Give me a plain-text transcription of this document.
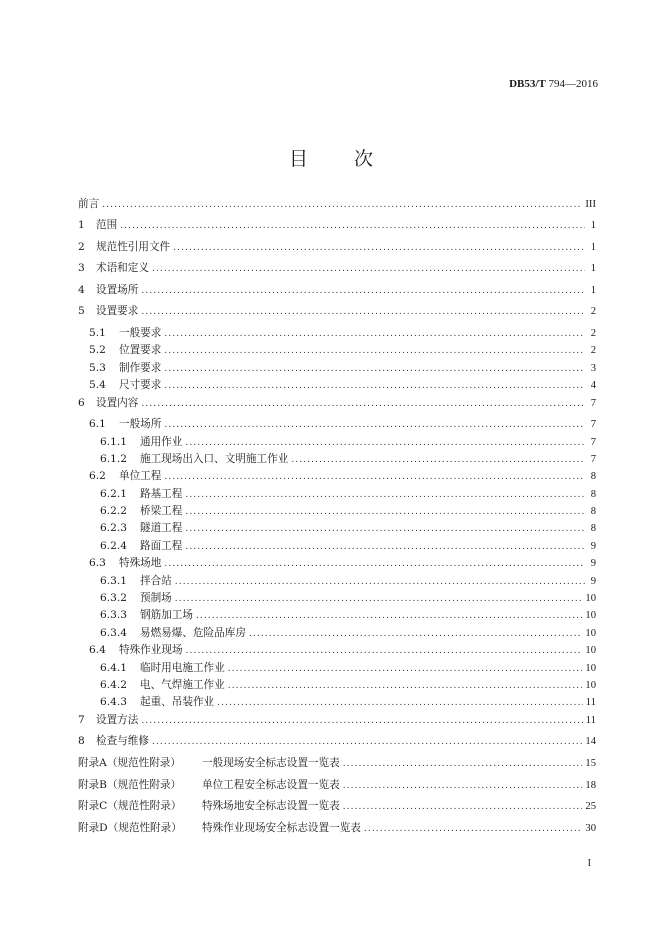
DB53/T 794—2016
目 次
前言 .....	III
1	范围 .....	1
2	规范性引用文件 .....	1
3	术语和定义 .....	1
4	设置场所 .....	1
5	设置要求 .....	2
5.1	一般要求 .....	2
5.2	位置要求 .....	2
5.3	制作要求 .....	3
5.4	尺寸要求 .....	4
6	设置内容 .....	7
6.1	一般场所 .....	7
6.1.1	通用作业 .....	7
6.1.2	施工现场出入口、文明施工作业 .....	7
6.2	单位工程 .....	8
6.2.1	路基工程 .....	8
6.2.2	桥梁工程 .....	8
6.2.3	隧道工程 .....	8
6.2.4	路面工程 .....	9
6.3	特殊场地 .....	9
6.3.1	拌合站 .....	9
6.3.2	预制场 .....	10
6.3.3	钢筋加工场 .....	10
6.3.4	易燃易爆、危险品库房 .....	10
6.4	特殊作业现场 .....	10
6.4.1	临时用电施工作业 .....	10
6.4.2	电、气焊施工作业 .....	10
6.4.3	起重、吊装作业 .....	11
7	设置方法 .....	11
8	检查与维修 .....	14
附录A（规范性附录）	一般现场安全标志设置一览表 .....	15
附录B（规范性附录）	单位工程安全标志设置一览表 .....	18
附录C（规范性附录）	特殊场地安全标志设置一览表 .....	25
附录D（规范性附录）	特殊作业现场安全标志设置一览表 .....	30
I
